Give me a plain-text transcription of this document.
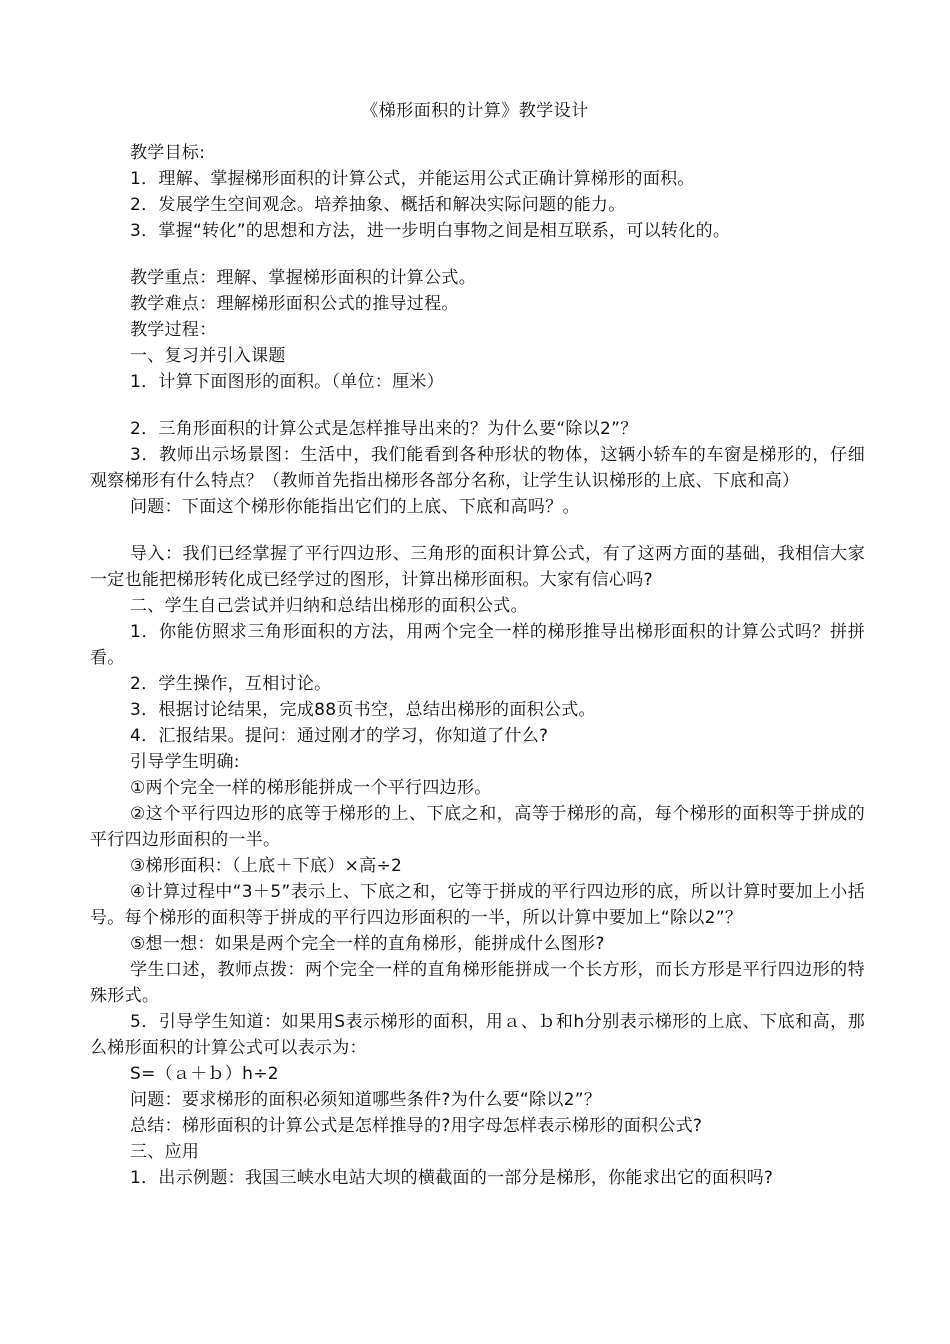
《梯形面积的计算》教学设计

教学目标:

1．理解、掌握梯形面积的计算公式，并能运用公式正确计算梯形的面积。

2．发展学生空间观念。培养抽象、概括和解决实际问题的能力。

3．掌握“转化”的思想和方法，进一步明白事物之间是相互联系，可以转化的。

教学重点：理解、掌握梯形面积的计算公式。

教学难点：理解梯形面积公式的推导过程。

教学过程：

一、复习并引入课题

1．计算下面图形的面积。（单位：厘米）

2．三角形面积的计算公式是怎样推导出来的？为什么要“除以2”？

3．教师出示场景图：生活中，我们能看到各种形状的物体，这辆小轿车的车窗是梯形的，仔细观察梯形有什么特点？（教师首先指出梯形各部分名称，让学生认识梯形的上底、下底和高）

问题：下面这个梯形你能指出它们的上底、下底和高吗？。

导入：我们已经掌握了平行四边形、三角形的面积计算公式，有了这两方面的基础，我相信大家一定也能把梯形转化成已经学过的图形，计算出梯形面积。大家有信心吗?

二、学生自己尝试并归纳和总结出梯形的面积公式。

1．你能仿照求三角形面积的方法，用两个完全一样的梯形推导出梯形面积的计算公式吗？拼拼看。

2．学生操作，互相讨论。

3．根据讨论结果，完成88页书空，总结出梯形的面积公式。

4．汇报结果。提问：通过刚才的学习，你知道了什么?

引导学生明确:

①两个完全一样的梯形能拼成一个平行四边形。

②这个平行四边形的底等于梯形的上、下底之和，高等于梯形的高，每个梯形的面积等于拼成的平行四边形面积的一半。

③梯形面积：（上底＋下底）×高÷2

④计算过程中“3＋5”表示上、下底之和，它等于拼成的平行四边形的底，所以计算时要加上小括号。每个梯形的面积等于拼成的平行四边形面积的一半，所以计算中要加上“除以2”？

⑤想一想：如果是两个完全一样的直角梯形，能拼成什么图形?

学生口述，教师点拨：两个完全一样的直角梯形能拼成一个长方形，而长方形是平行四边形的特殊形式。

5．引导学生知道：如果用S表示梯形的面积，用ａ、ｂ和h分别表示梯形的上底、下底和高，那么梯形面积的计算公式可以表示为：

S=（ａ＋ｂ）h÷2

问题：要求梯形的面积必须知道哪些条件?为什么要“除以2”？

总结：梯形面积的计算公式是怎样推导的?用字母怎样表示梯形的面积公式?

三、应用

1．出示例题：我国三峡水电站大坝的横截面的一部分是梯形，你能求出它的面积吗?
